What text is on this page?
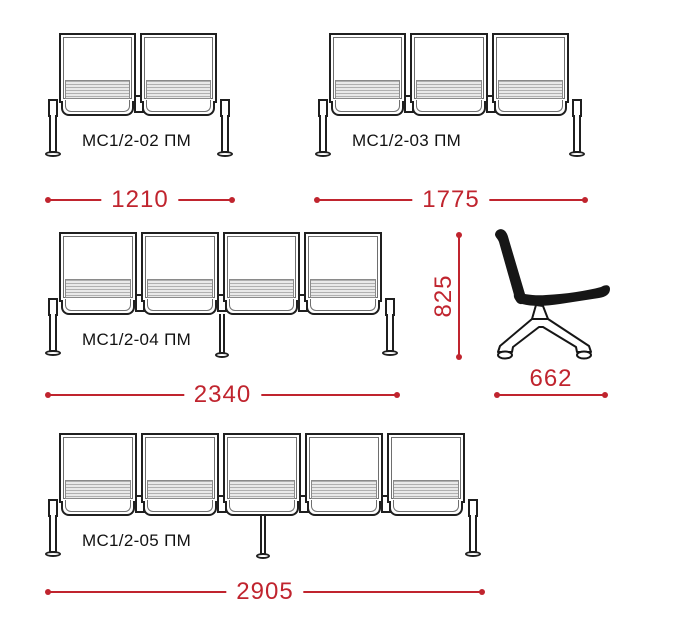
825
662
МС1/2-02 ПМ
1210
МС1/2-03 ПМ
1775
МС1/2-04 ПМ
2340
МС1/2-05 ПМ
2905
